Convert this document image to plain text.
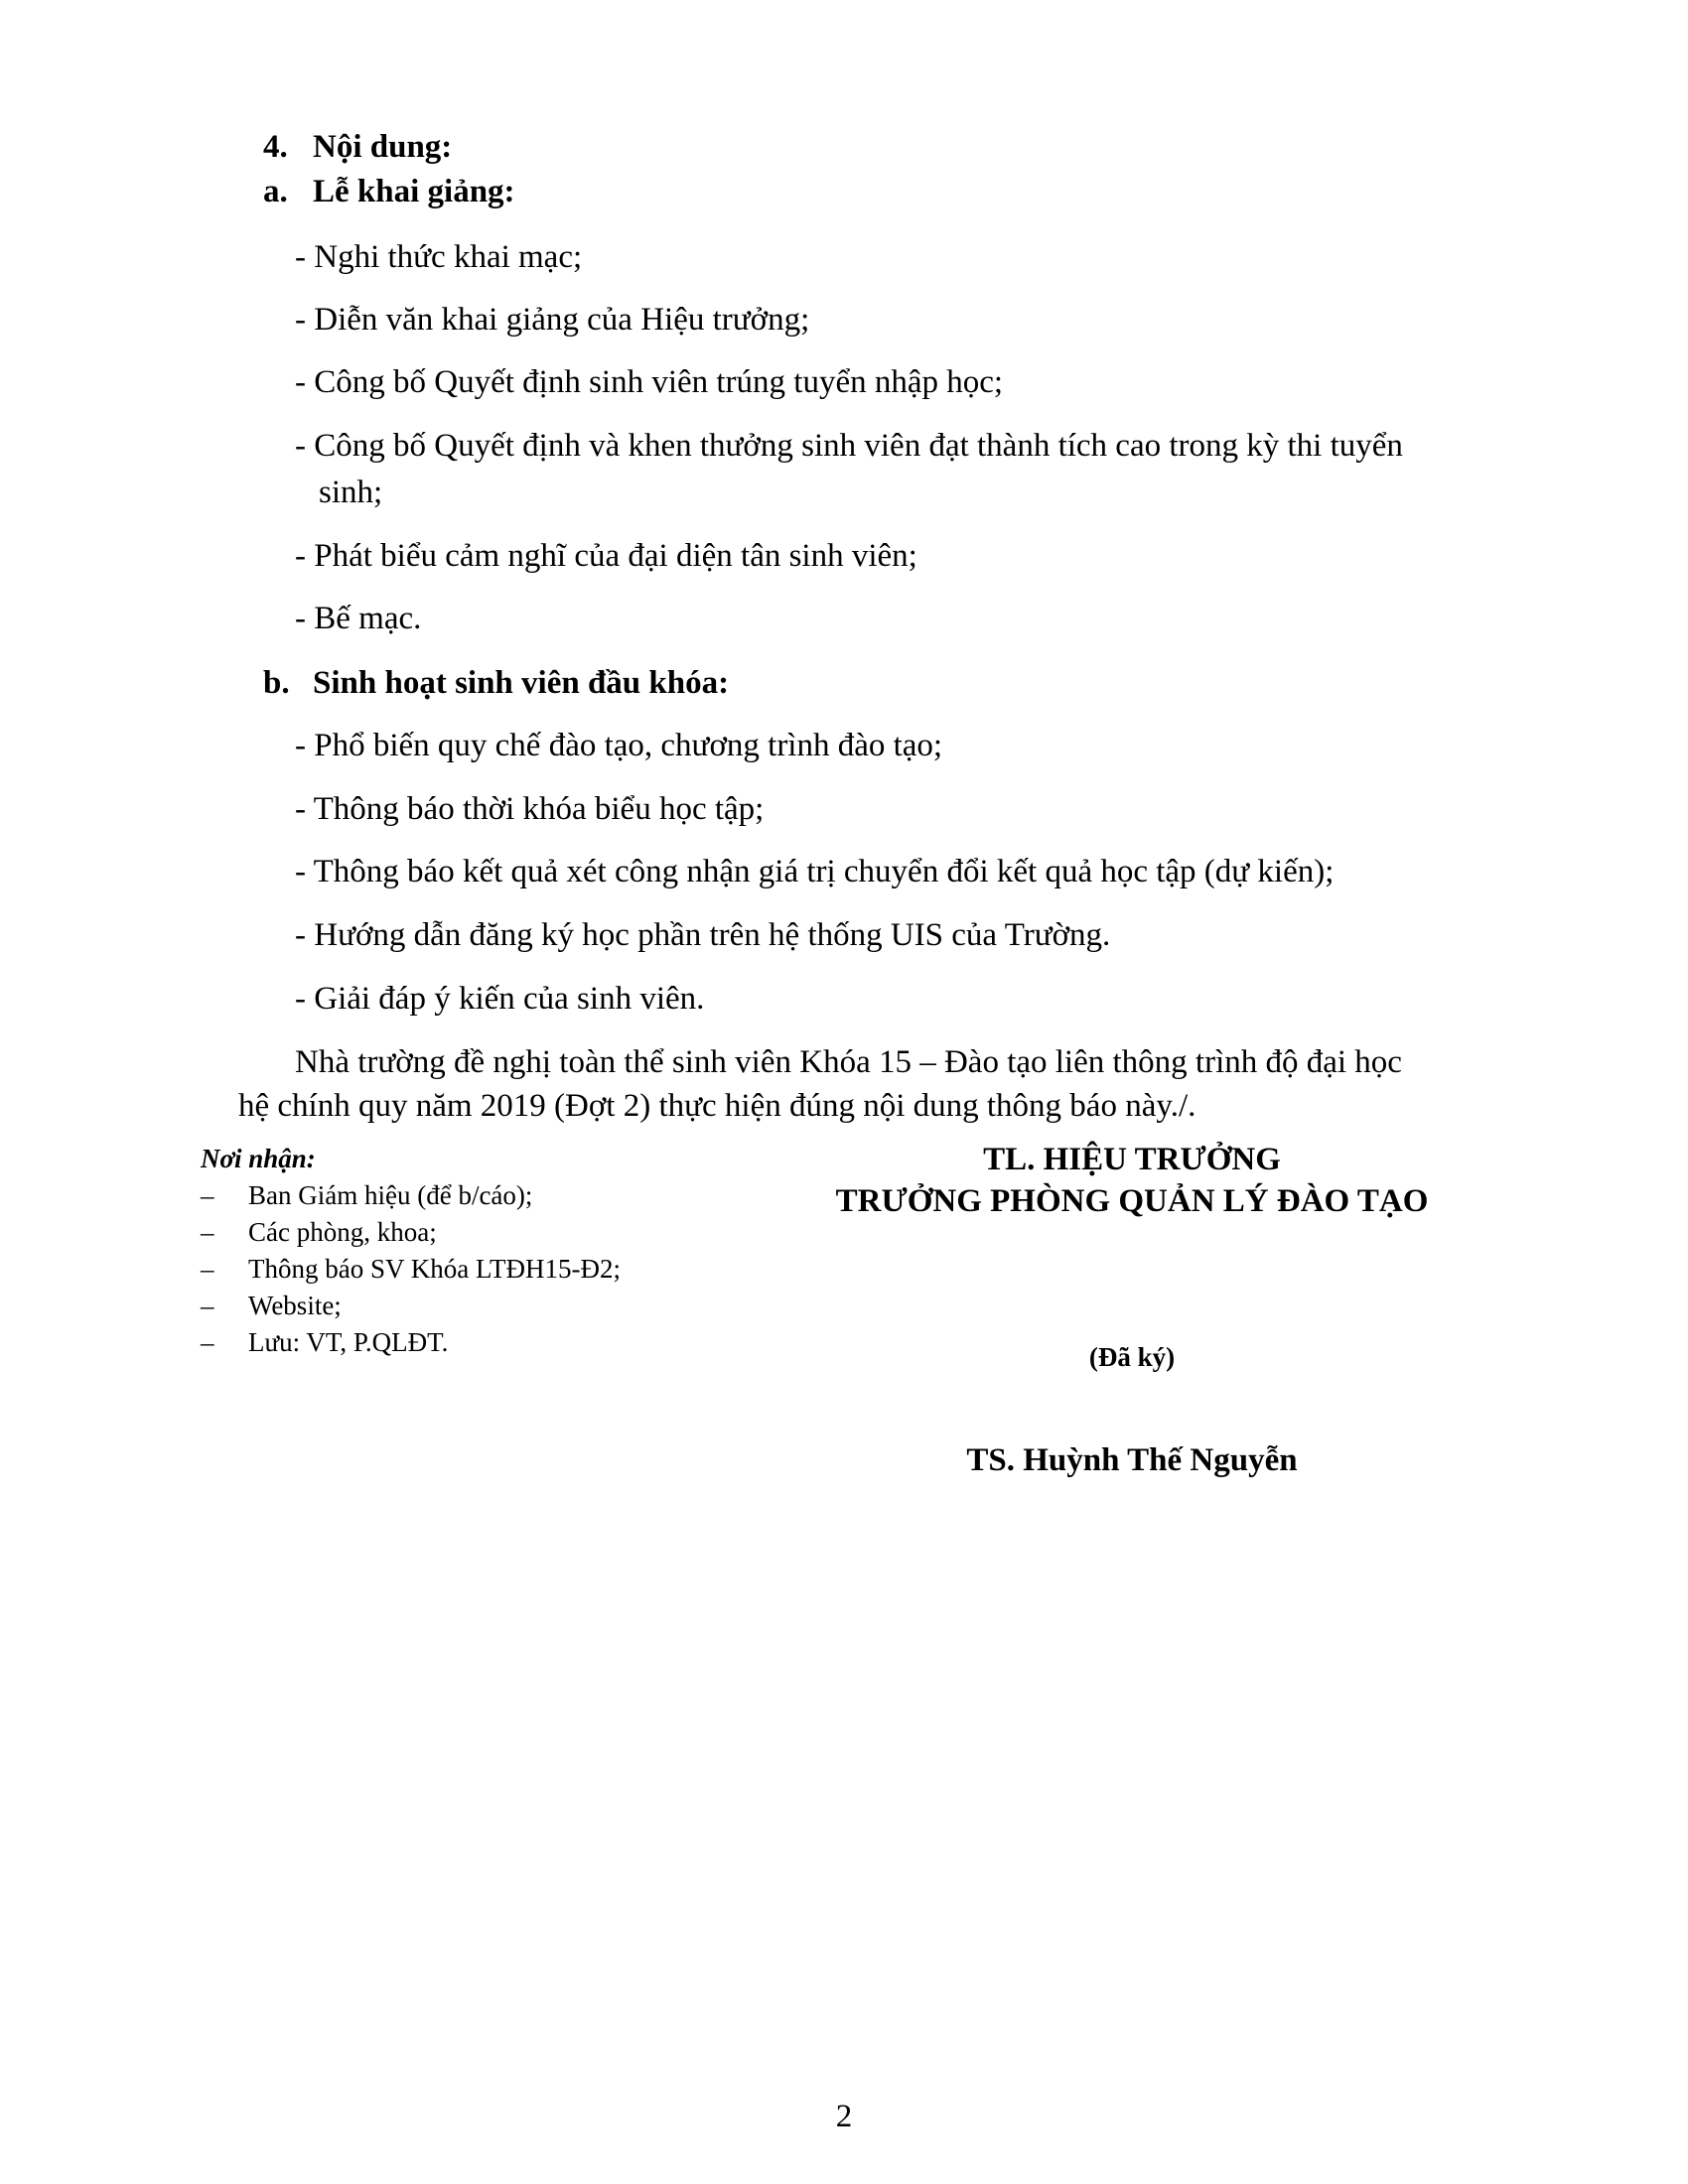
4. Nội dung:
a. Lễ khai giảng:
- Nghi thức khai mạc;
- Diễn văn khai giảng của Hiệu trưởng;
- Công bố Quyết định sinh viên trúng tuyển nhập học;
- Công bố Quyết định và khen thưởng sinh viên đạt thành tích cao trong kỳ thi tuyển
sinh;
- Phát biểu cảm nghĩ của đại diện tân sinh viên;
- Bế mạc.
b. Sinh hoạt sinh viên đầu khóa:
- Phổ biến quy chế đào tạo, chương trình đào tạo;
- Thông báo thời khóa biểu học tập;
- Thông báo kết quả xét công nhận giá trị chuyển đổi kết quả học tập (dự kiến);
- Hướng dẫn đăng ký học phần trên hệ thống UIS của Trường.
- Giải đáp ý kiến của sinh viên.
Nhà trường đề nghị toàn thể sinh viên Khóa 15 – Đào tạo liên thông trình độ đại học
hệ chính quy năm 2019 (Đợt 2) thực hiện đúng nội dung thông báo này./.
Nơi nhận:
– Ban Giám hiệu (để b/cáo);
– Các phòng, khoa;
– Thông báo SV Khóa LTĐH15-Đ2;
– Website;
– Lưu: VT, P.QLĐT.
TL. HIỆU TRƯỞNG
TRƯỞNG PHÒNG QUẢN LÝ ĐÀO TẠO
(Đã ký)
TS. Huỳnh Thế Nguyễn
2
